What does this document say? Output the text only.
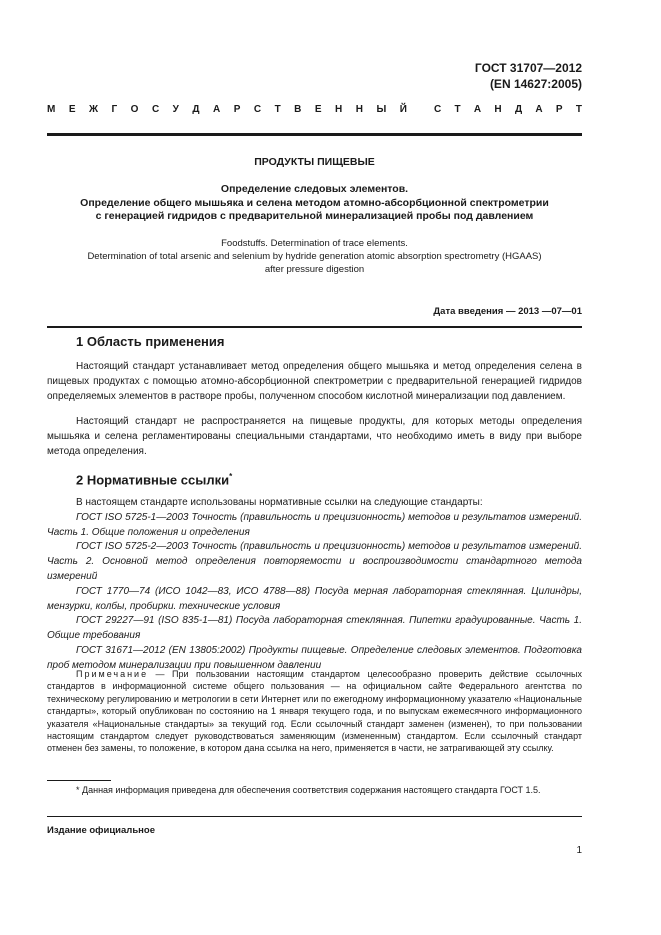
ГОСТ 31707—2012
(EN 14627:2005)
М Е Ж Г О С У Д А Р С Т В Е Н Н Ы Й	С Т А Н Д А Р Т
ПРОДУКТЫ ПИЩЕВЫЕ
Определение следовых элементов.
Определение общего мышьяка и селена методом атомно-абсорбционной спектрометрии
с генерацией гидридов с предварительной минерализацией пробы под давлением
Foodstuffs. Determination of trace elements.
Determination of total arsenic and selenium by hydride generation atomic absorption spectrometry (HGAAS)
after pressure digestion
Дата введения — 2013 —07—01
1 Область применения
Настоящий стандарт устанавливает метод определения общего мышьяка и метод определения селена в пищевых продуктах с помощью атомно-абсорбционной спектрометрии с предварительной генерацией гидридов определяемых элементов в растворе пробы, полученном способом кислотной минерализации под давлением.
Настоящий стандарт не распространяется на пищевые продукты, для которых методы определения мышьяка и селена регламентированы специальными стандартами, что необходимо иметь в виду при выборе метода определения.
2 Нормативные ссылки*

В настоящем стандарте использованы нормативные ссылки на следующие стандарты:

ГОСТ ISO 5725-1—2003 Точность (правильность и прецизионность) методов и результатов измерений. Часть 1. Общие положения и определения

ГОСТ ISO 5725-2—2003 Точность (правильность и прецизионность) методов и результатов измерений. Часть 2. Основной метод определения повторяемости и воспроизводимости стандартного метода измерений

ГОСТ 1770—74 (ИСО 1042—83, ИСО 4788—88) Посуда мерная лабораторная стеклянная. Цилиндры, мензурки, колбы, пробирки. технические условия

ГОСТ 29227—91 (ISO 835-1—81) Посуда лабораторная стеклянная. Пипетки градуированные. Часть 1. Общие требования

ГОСТ 31671—2012 (EN 13805:2002) Продукты пищевые. Определение следовых элементов. Подготовка проб методом минерализации при повышенном давлении

Примечание — При пользовании настоящим стандартом целесообразно проверить действие ссылочных стандартов в информационной системе общего пользования — на официальном сайте Федерального агентства по техническому регулированию и метрологии в сети Интернет или по ежегодному информационному указателю «Национальные стандарты», который опубликован по состоянию на 1 января текущего года, и по выпускам ежемесячного информационного указателя «Национальные стандарты» за текущий год. Если ссылочный стандарт заменен (изменен), то при пользовании настоящим стандартом следует руководствоваться заменяющим (измененным) стандартом. Если ссылочный стандарт отменен без замены, то положение, в котором дана ссылка на него, применяется в части, не затрагивающей эту ссылку.
* Данная информация приведена для обеспечения соответствия содержания настоящего стандарта ГОСТ 1.5.
Издание официальное
1
